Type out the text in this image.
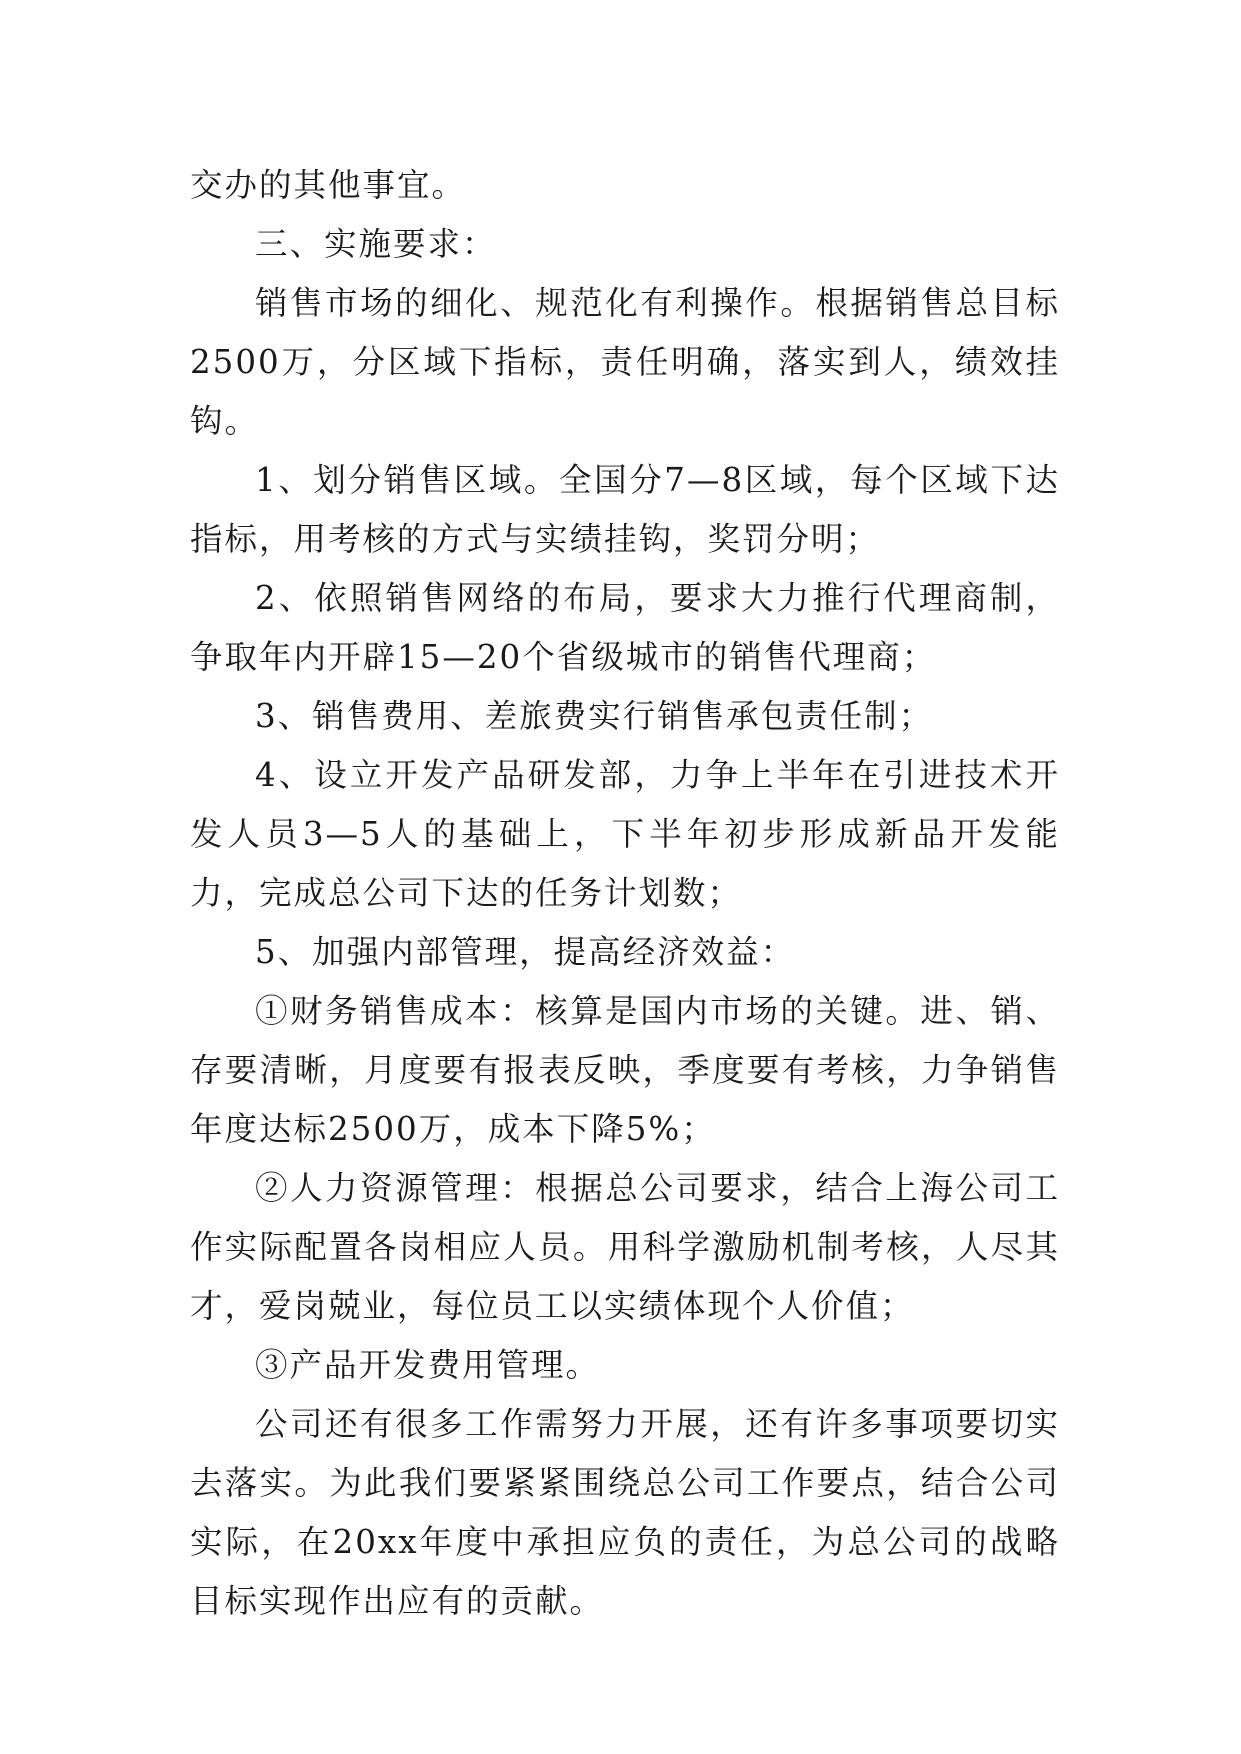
交办的其他事宜。

三、实施要求：

销售市场的细化、规范化有利操作。根据销售总目标2500万，分区域下指标，责任明确，落实到人，绩效挂钩。

1、划分销售区域。全国分7—8区域，每个区域下达指标，用考核的方式与实绩挂钩，奖罚分明；

2、依照销售网络的布局，要求大力推行代理商制，争取年内开辟15—20个省级城市的销售代理商；

3、销售费用、差旅费实行销售承包责任制；

4、设立开发产品研发部，力争上半年在引进技术开发人员3—5人的基础上，下半年初步形成新品开发能力，完成总公司下达的任务计划数；

5、加强内部管理，提高经济效益：

①财务销售成本：核算是国内市场的关键。进、销、存要清晰，月度要有报表反映，季度要有考核，力争销售年度达标2500万，成本下降5%；

②人力资源管理：根据总公司要求，结合上海公司工作实际配置各岗相应人员。用科学激励机制考核，人尽其才，爱岗兢业，每位员工以实绩体现个人价值；

③产品开发费用管理。

公司还有很多工作需努力开展，还有许多事项要切实去落实。为此我们要紧紧围绕总公司工作要点，结合公司实际，在20xx年度中承担应负的责任，为总公司的战略目标实现作出应有的贡献。
